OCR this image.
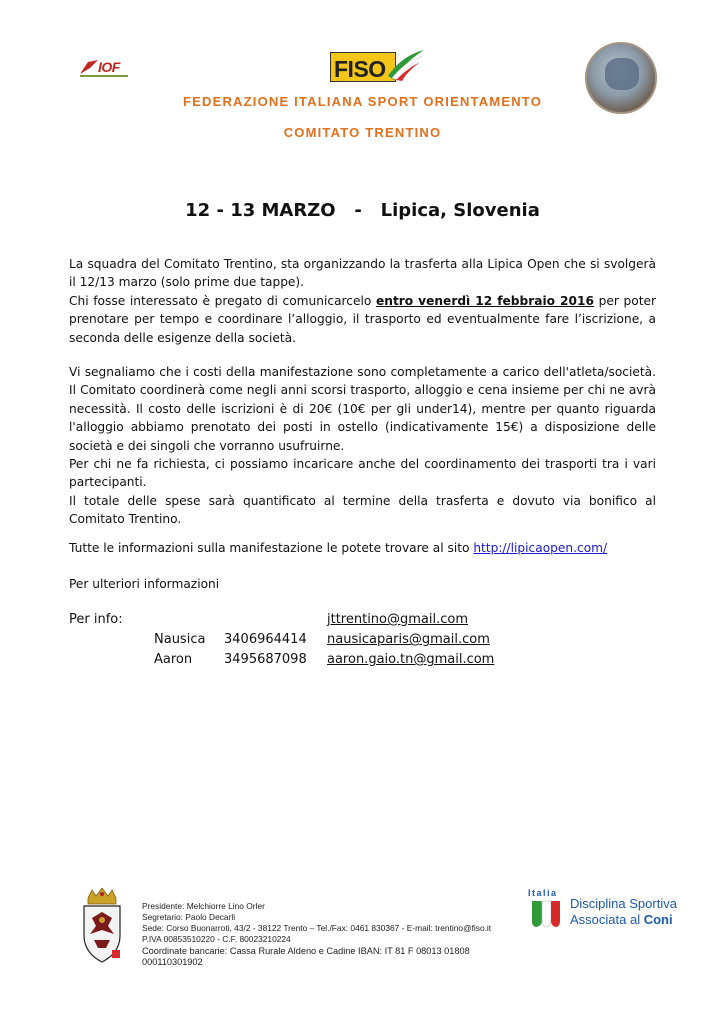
IOF	FISO
FEDERAZIONE ITALIANA SPORT ORIENTAMENTO
COMITATO TRENTINO
12 - 13 MARZO   -   Lipica, Slovenia
La squadra del Comitato Trentino, sta organizzando la trasferta alla Lipica Open che si svolgerà il 12/13 marzo (solo prime due tappe).
Chi fosse interessato è pregato di comunicarcelo entro venerdì 12 febbraio 2016 per poter prenotare per tempo e coordinare l’alloggio, il trasporto ed eventualmente fare l’iscrizione, a seconda delle esigenze della società.
Vi segnaliamo che i costi della manifestazione sono completamente a carico dell'atleta/società. Il Comitato coordinerà come negli anni scorsi trasporto, alloggio e cena insieme per chi ne avrà necessità. Il costo delle iscrizioni è di 20€ (10€ per gli under14), mentre per quanto riguarda l'alloggio abbiamo prenotato dei posti in ostello (indicativamente 15€) a disposizione delle società e dei singoli che vorranno usufruirne.
Per chi ne fa richiesta, ci possiamo incaricare anche del coordinamento dei trasporti tra i vari partecipanti.
Il totale delle spese sarà quantificato al termine della trasferta e dovuto via bonifico al Comitato Trentino.
Tutte le informazioni sulla manifestazione le potete trovare al sito http://lipicaopen.com/
Per ulteriori informazioni
Per info:	jttrentino@gmail.com
Nausica 3406964414 nausicaparis@gmail.com
Aaron 3495687098 aaron.gaio.tn@gmail.com
Presidente: Melchiorre Lino Orler
Segretario: Paolo Decarli
Sede: Corso Buonarroti, 43/2 - 38122 Trento – Tel./Fax: 0461 830367 - E-mail: trentino@fiso.it
P.IVA 00853510220 - C.F. 80023210224
Coordinate bancarie: Cassa Rurale Aldeno e Cadine IBAN: IT 81 F 08013 01808
000110301902
Italia
Disciplina Sportiva
Associata al Coni
